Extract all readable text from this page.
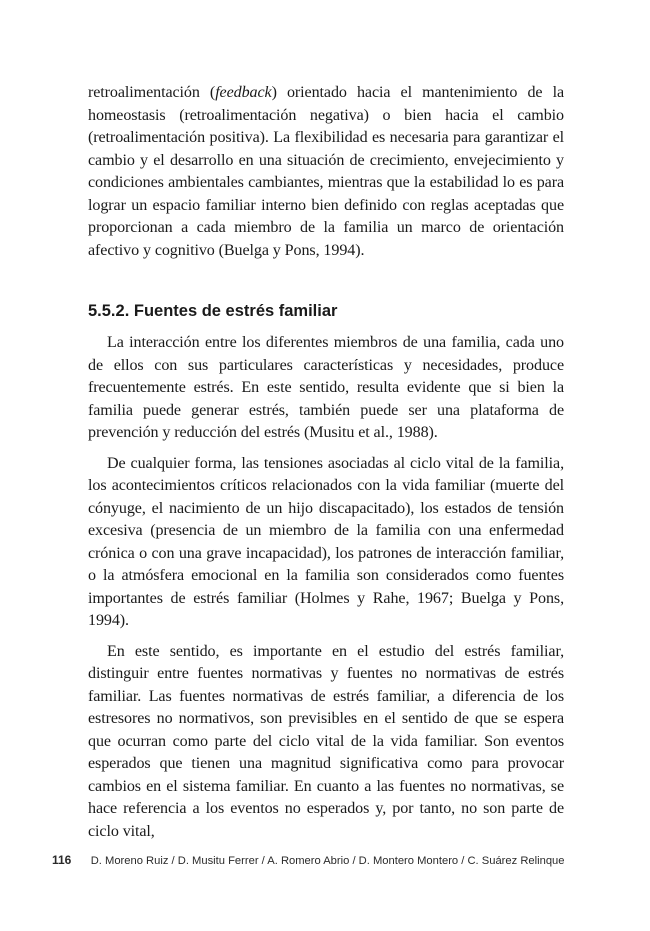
retroalimentación (feedback) orientado hacia el mantenimiento de la homeostasis (retroalimentación negativa) o bien hacia el cambio (retroalimentación positiva). La flexibilidad es necesaria para garantizar el cambio y el desarrollo en una situación de crecimiento, envejecimiento y condiciones ambientales cambiantes, mientras que la estabilidad lo es para lograr un espacio familiar interno bien definido con reglas aceptadas que proporcionan a cada miembro de la familia un marco de orientación afectivo y cognitivo (Buelga y Pons, 1994).

5.5.2. Fuentes de estrés familiar

La interacción entre los diferentes miembros de una familia, cada uno de ellos con sus particulares características y necesidades, produce frecuentemente estrés. En este sentido, resulta evidente que si bien la familia puede generar estrés, también puede ser una plataforma de prevención y reducción del estrés (Musitu et al., 1988).

De cualquier forma, las tensiones asociadas al ciclo vital de la familia, los acontecimientos críticos relacionados con la vida familiar (muerte del cónyuge, el nacimiento de un hijo discapacitado), los estados de tensión excesiva (presencia de un miembro de la familia con una enfermedad crónica o con una grave incapacidad), los patrones de interacción familiar, o la atmósfera emocional en la familia son considerados como fuentes importantes de estrés familiar (Holmes y Rahe, 1967; Buelga y Pons, 1994).

En este sentido, es importante en el estudio del estrés familiar, distinguir entre fuentes normativas y fuentes no normativas de estrés familiar. Las fuentes normativas de estrés familiar, a diferencia de los estresores no normativos, son previsibles en el sentido de que se espera que ocurran como parte del ciclo vital de la vida familiar. Son eventos esperados que tienen una magnitud significativa como para provocar cambios en el sistema familiar. En cuanto a las fuentes no normativas, se hace referencia a los eventos no esperados y, por tanto, no son parte de ciclo vital,

116 D. Moreno Ruiz / D. Musitu Ferrer / A. Romero Abrio / D. Montero Montero / C. Suárez Relinque
